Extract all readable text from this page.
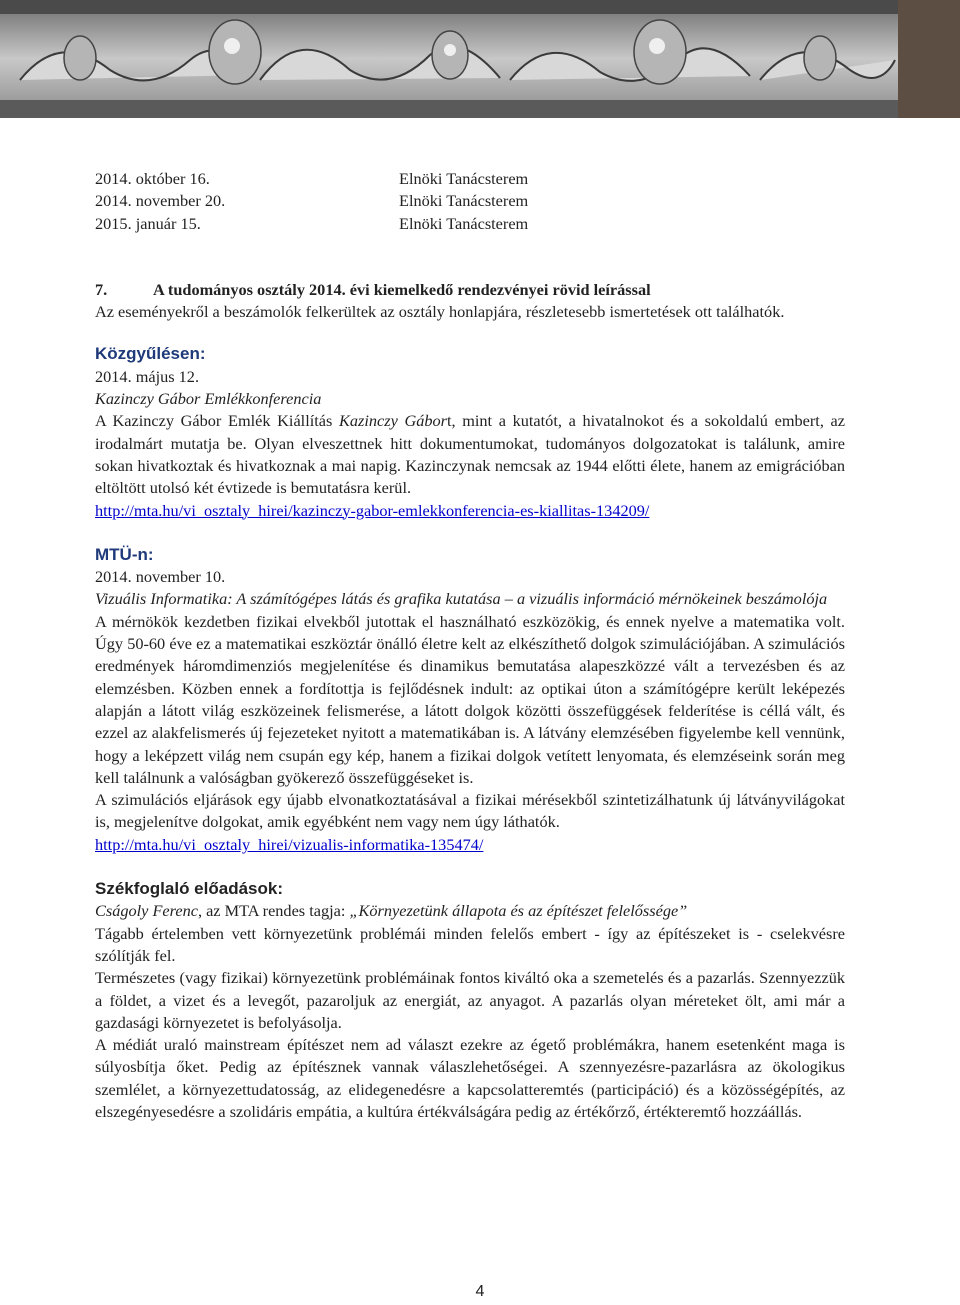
2014. október 16.	Elnöki Tanácsterem
2014. november 20.	Elnöki Tanácsterem
2015. január 15.	Elnöki Tanácsterem
7.	A tudományos osztály 2014. évi kiemelkedő rendezvényei rövid leírással
Az eseményekről a beszámolók felkerültek az osztály honlapjára, részletesebb ismertetések ott találhatók.
Közgyűlésen:
2014. május 12.
Kazinczy Gábor Emlékkonferencia
A Kazinczy Gábor Emlék Kiállítás Kazinczy Gábort, mint a kutatót, a hivatalnokot és a sokoldalú embert, az irodalmárt mutatja be. Olyan elveszettnek hitt dokumentumokat, tudományos dolgozatokat is találunk, amire sokan hivatkoztak és hivatkoznak a mai napig. Kazinczynak nemcsak az 1944 előtti élete, hanem az emigrációban eltöltött utolsó két évtizede is bemutatásra kerül.
http://mta.hu/vi_osztaly_hirei/kazinczy-gabor-emlekkonferencia-es-kiallitas-134209/
MTÜ-n:
2014. november 10.
Vizuális Informatika: A számítógépes látás és grafika kutatása – a vizuális információ mérnökeinek beszámolója
A mérnökök kezdetben fizikai elvekből jutottak el használható eszközökig, és ennek nyelve a matematika volt. Úgy 50-60 éve ez a matematikai eszköztár önálló életre kelt az elkészíthető dolgok szimulációjában. A szimulációs eredmények háromdimenziós megjelenítése és dinamikus bemutatása alapeszközzé vált a tervezésben és az elemzésben. Közben ennek a fordítottja is fejlődésnek indult: az optikai úton a számítógépre került leképezés alapján a látott világ eszközeinek felismerése, a látott dolgok közötti összefüggések felderítése is céllá vált, és ezzel az alakfelismerés új fejezeteket nyitott a matematikában is. A látvány elemzésében figyelembe kell vennünk, hogy a leképzett világ nem csupán egy kép, hanem a fizikai dolgok vetített lenyomata, és elemzéseink során meg kell találnunk a valóságban gyökerező összefüggéseket is.
A szimulációs eljárások egy újabb elvonatkoztatásával a fizikai mérésekből szintetizálhatunk új látványvilágokat is, megjelenítve dolgokat, amik egyébként nem vagy nem úgy láthatók.
http://mta.hu/vi_osztaly_hirei/vizualis-informatika-135474/
Székfoglaló előadások:
Cságoly Ferenc, az MTA rendes tagja: „Környezetünk állapota és az építészet felelőssége”
Tágabb értelemben vett környezetünk problémái minden felelős embert - így az építészeket is - cselekvésre szólítják fel.
Természetes (vagy fizikai) környezetünk problémáinak fontos kiváltó oka a szemetelés és a pazarlás. Szennyezzük a földet, a vizet és a levegőt, pazaroljuk az energiát, az anyagot. A pazarlás olyan méreteket ölt, ami már a gazdasági környezetet is befolyásolja.
A médiát uraló mainstream építészet nem ad választ ezekre az égető problémákra, hanem esetenként maga is súlyosbítja őket. Pedig az építésznek vannak válaszlehetőségei. A szennyezésre-pazarlásra az ökologikus szemlélet, a környezettudatosság, az elidegenedésre a kapcsolatteremtés (participáció) és a közösségépítés, az elszegényesedésre a szolidáris empátia, a kultúra értékválságára pedig az értékőrző, értékteremtő hozzáállás.
4
